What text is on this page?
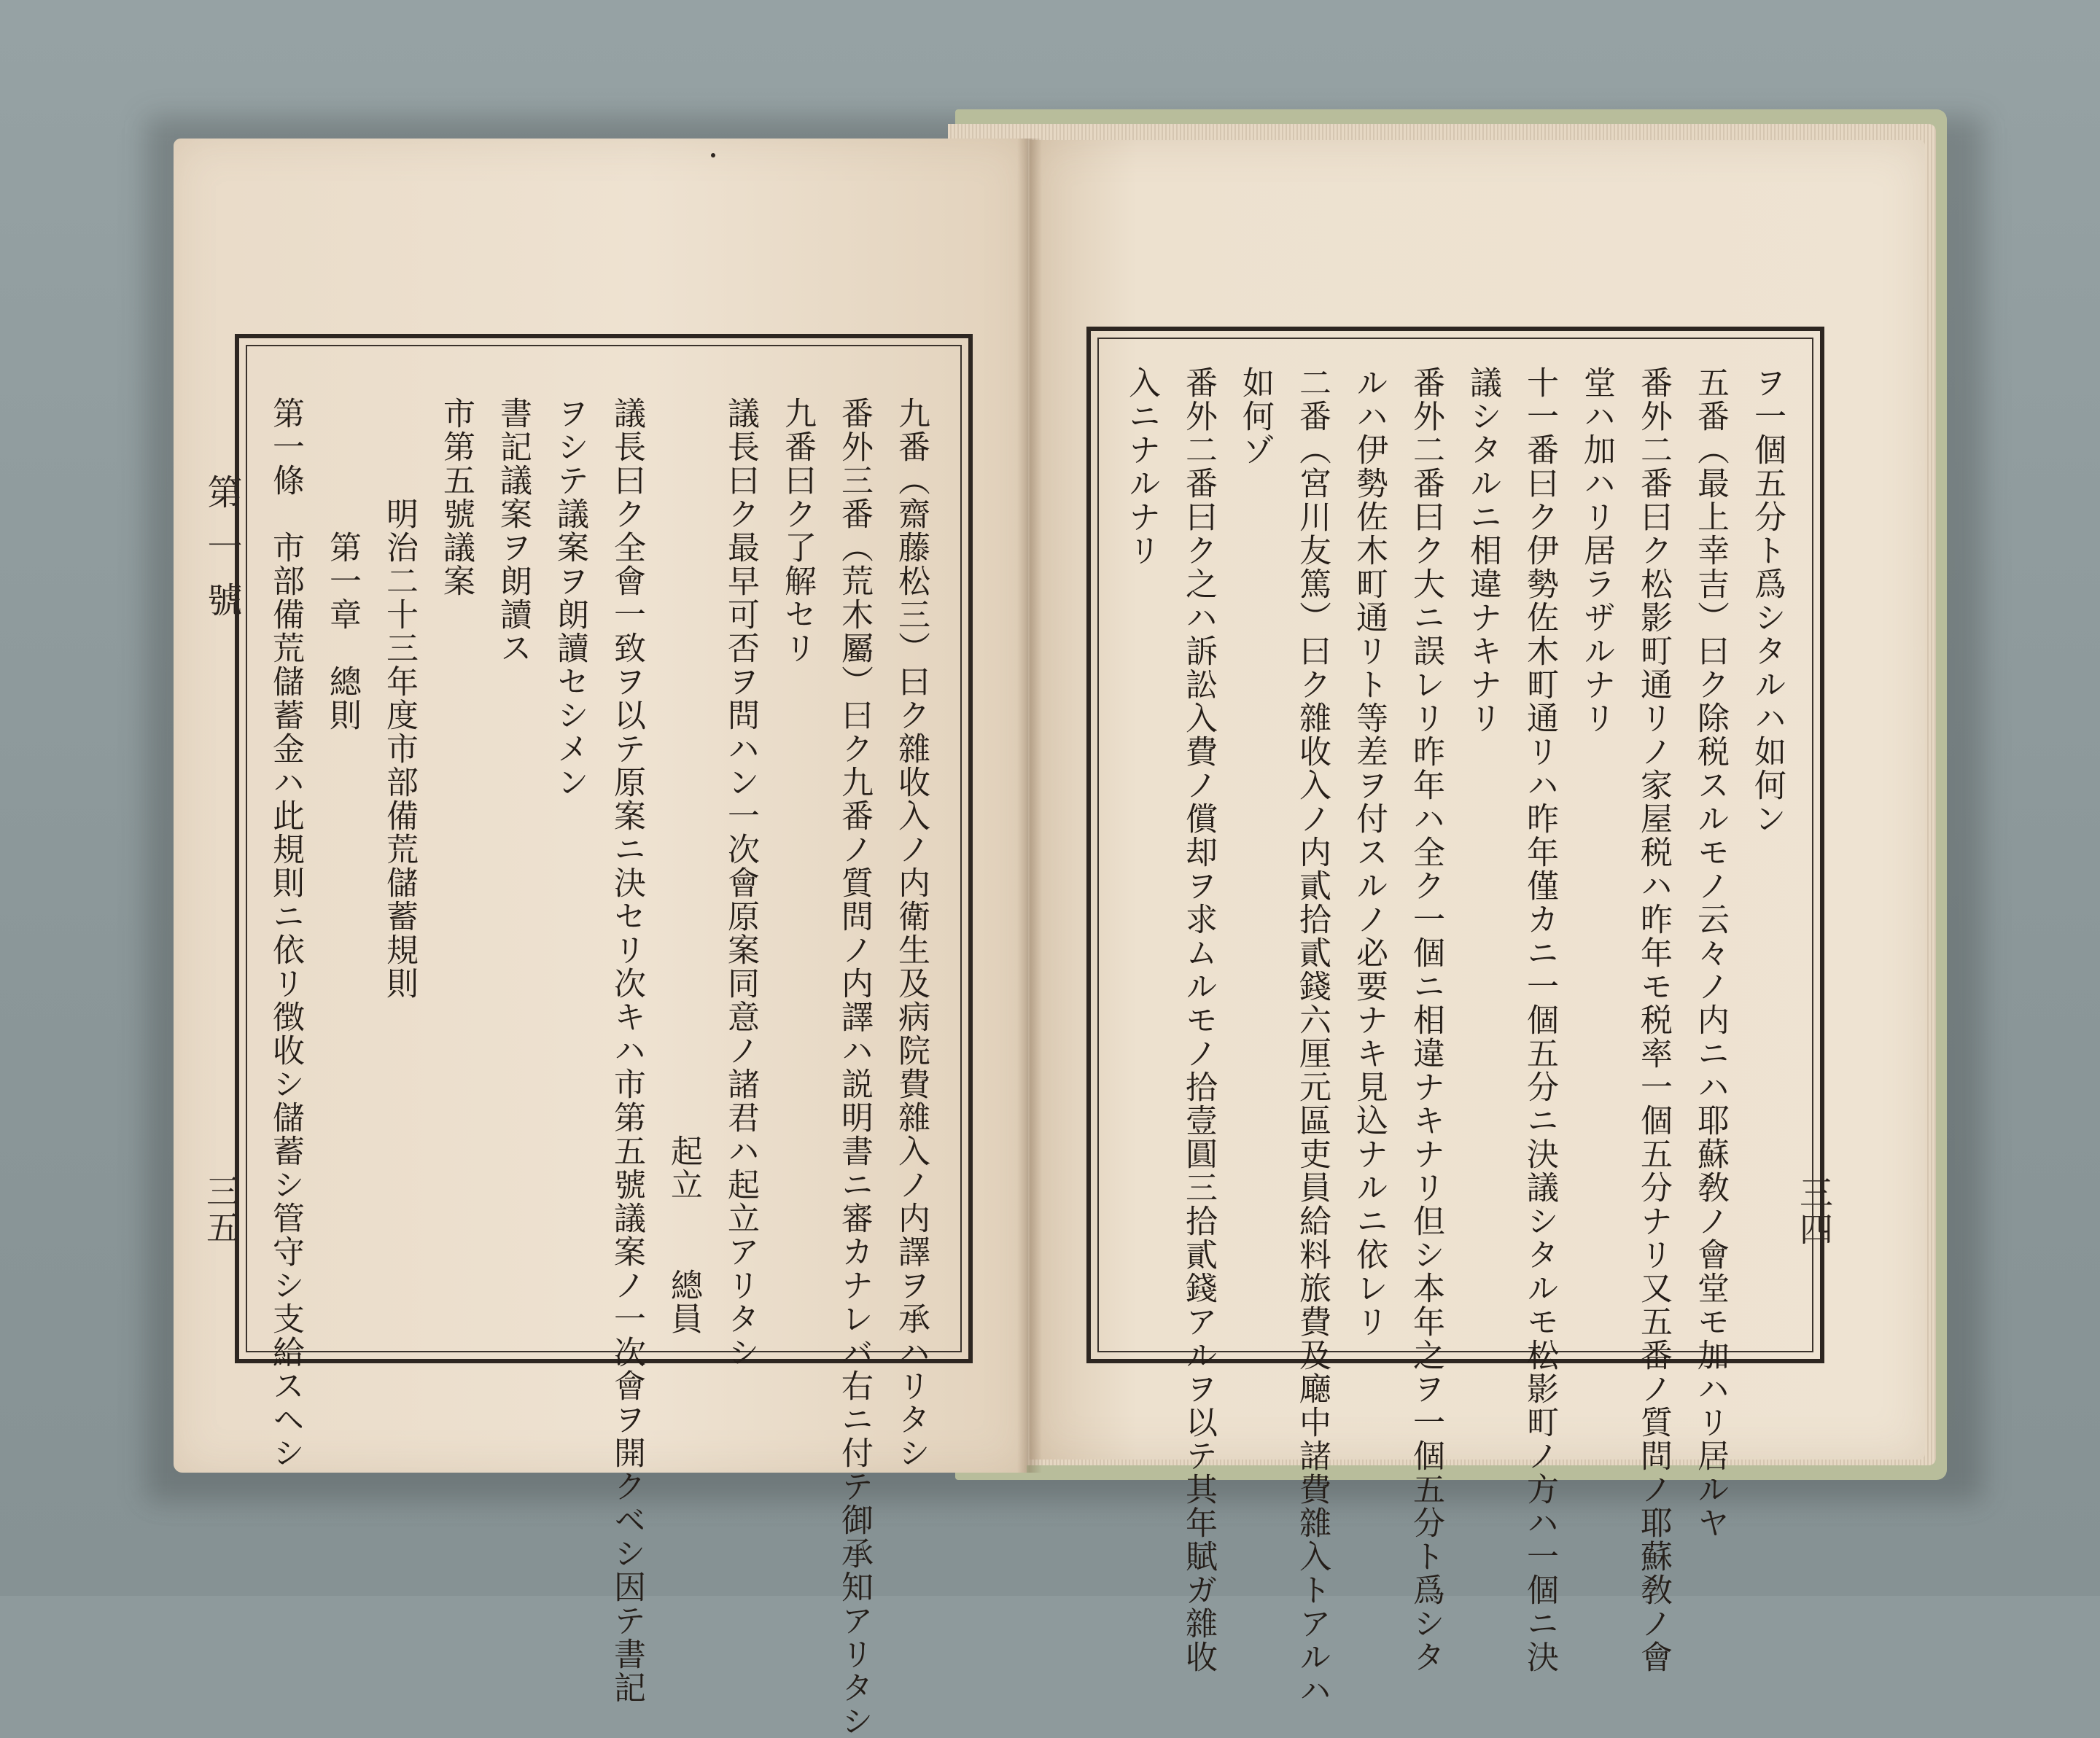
第一號
三五	三四
九番（齋藤松三）曰ク雜收入ノ内衛生及病院費雜入ノ内譯ヲ承ハリタシ
番外三番（荒木屬）曰ク九番ノ質問ノ内譯ハ説明書ニ審カナレバ右ニ付テ御承知アリタシ
九番曰ク了解セリ
議長曰ク最早可否ヲ問ハン一次會原案同意ノ諸君ハ起立アリタシ
　　　　　　　　　　　　　　　　　　　　　　起立　　總員
議長曰ク全會一致ヲ以テ原案ニ決セリ次キハ市第五號議案ノ一次會ヲ開クベシ因テ書記
ヲシテ議案ヲ朗讀セシメン
書記議案ヲ朗讀ス
市第五號議案
　　　明治二十三年度市部備荒儲蓄規則
　　　　第一章　總則
第一條　市部備荒儲蓄金ハ此規則ニ依リ徴收シ儲蓄シ管守シ支給スヘシ	ヲ一個五分ト爲シタルハ如何ン
五番（最上幸吉）曰ク除税スルモノ云々ノ内ニハ耶蘇敎ノ會堂モ加ハリ居ルヤ
番外二番曰ク松影町通リノ家屋税ハ昨年モ税率一個五分ナリ又五番ノ質問ノ耶蘇敎ノ會
堂ハ加ハリ居ラザルナリ
十一番曰ク伊勢佐木町通リハ昨年僅カニ一個五分ニ決議シタルモ松影町ノ方ハ一個ニ決
議シタルニ相違ナキナリ
番外二番曰ク大ニ誤レリ昨年ハ全ク一個ニ相違ナキナリ但シ本年之ヲ一個五分ト爲シタ
ルハ伊勢佐木町通リト等差ヲ付スルノ必要ナキ見込ナルニ依レリ
二番（宮川友篤）曰ク雜收入ノ内貳拾貳錢六厘元區吏員給料旅費及廰中諸費雜入トアルハ
如何ゾ
番外二番曰ク之ハ訴訟入費ノ償却ヲ求ムルモノ拾壹圓三拾貳錢アルヲ以テ其年賦ガ雜收
入ニナルナリ
